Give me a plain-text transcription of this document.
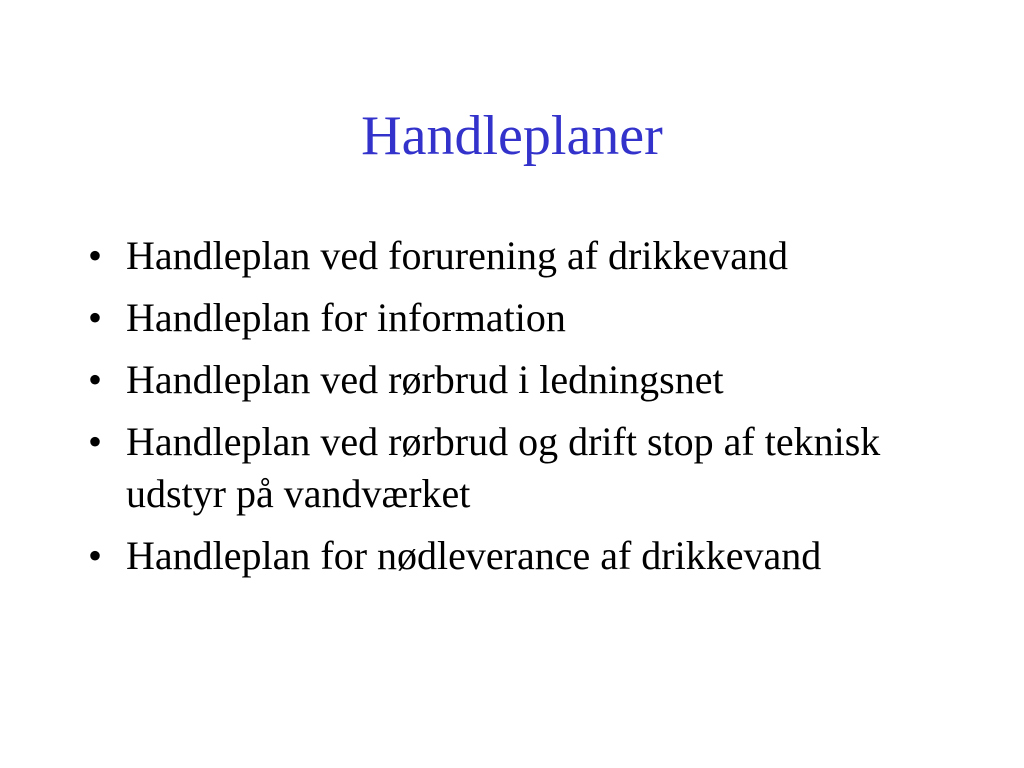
Handleplaner
• Handleplan ved forurening af drikkevand
• Handleplan for information
• Handleplan ved rørbrud i ledningsnet
• Handleplan ved rørbrud og drift stop af teknisk udstyr på vandværket
• Handleplan for nødleverance af drikkevand
